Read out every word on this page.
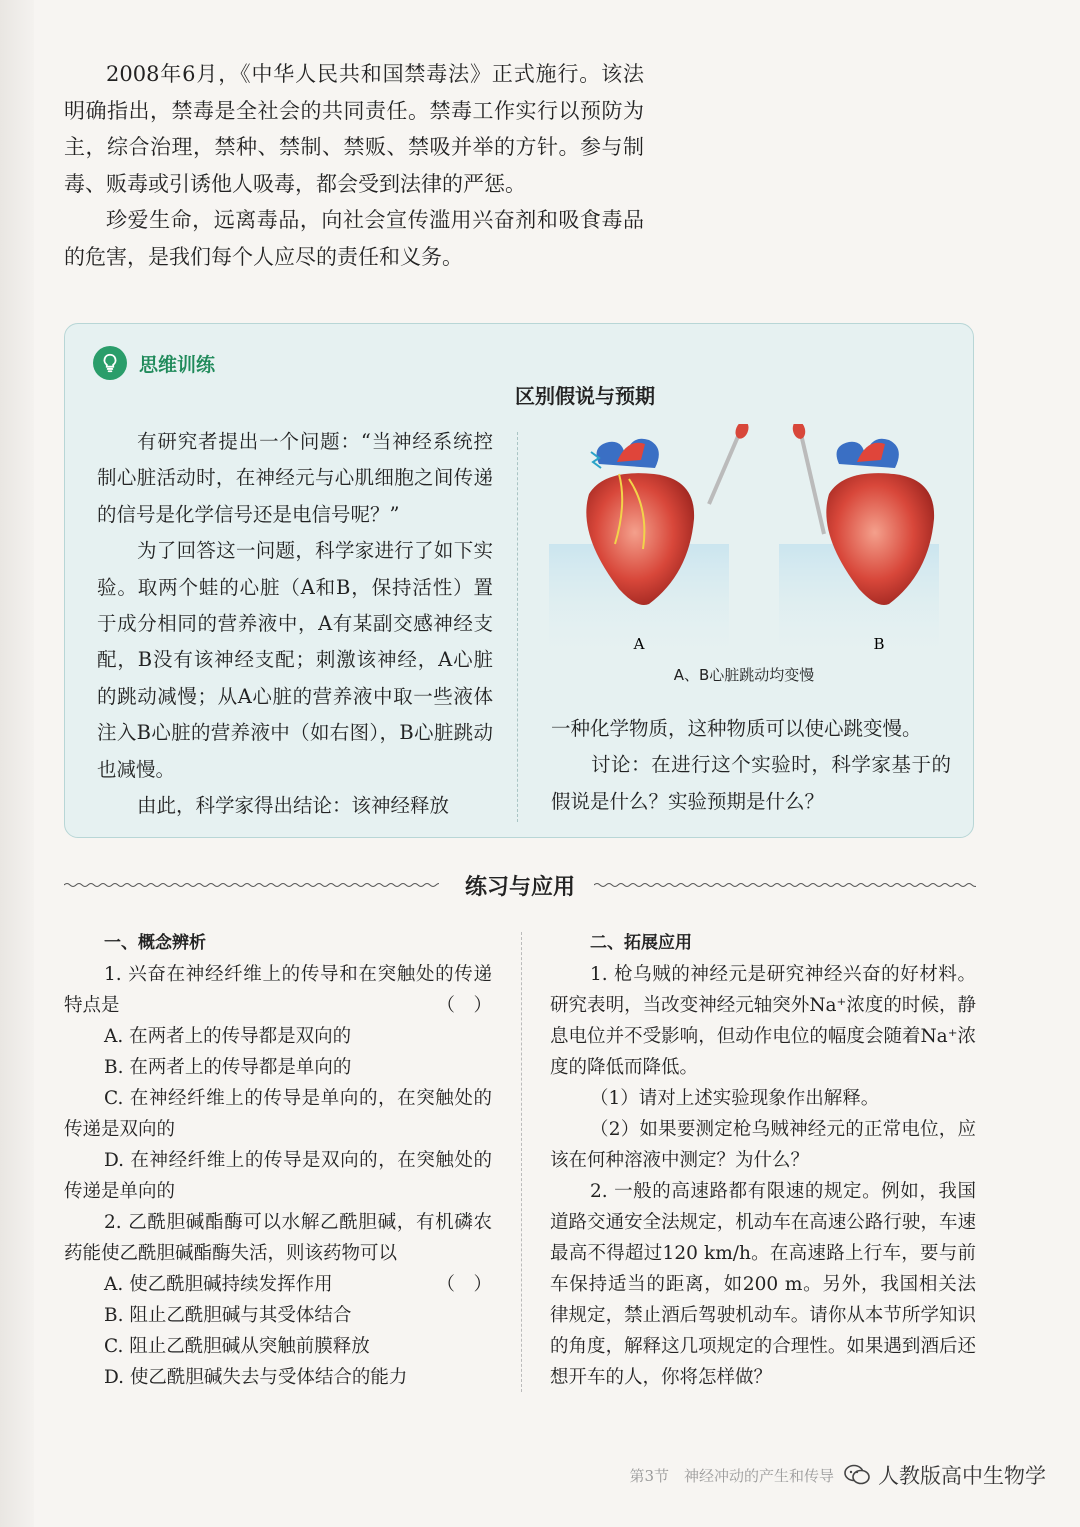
2008年6月，《中华人民共和国禁毒法》正式施行。该法明确指出，禁毒是全社会的共同责任。禁毒工作实行以预防为主，综合治理，禁种、禁制、禁贩、禁吸并举的方针。参与制毒、贩毒或引诱他人吸毒，都会受到法律的严惩。

珍爱生命，远离毒品，向社会宣传滥用兴奋剂和吸食毒品的危害，是我们每个人应尽的责任和义务。

思维训练
区别假说与预期

有研究者提出一个问题：“当神经系统控制心脏活动时，在神经元与心肌细胞之间传递的信号是化学信号还是电信号呢？”

为了回答这一问题，科学家进行了如下实验。取两个蛙的心脏（A和B，保持活性）置于成分相同的营养液中，A有某副交感神经支配，B没有该神经支配；刺激该神经，A心脏的跳动减慢；从A心脏的营养液中取一些液体注入B心脏的营养液中（如右图），B心脏跳动也减慢。

由此，科学家得出结论：该神经释放

A	B
A、B心脏跳动均变慢

一种化学物质，这种物质可以使心跳变慢。

讨论：在进行这个实验时，科学家基于的假说是什么？实验预期是什么？

练习与应用

一、概念辨析

1. 兴奋在神经纤维上的传导和在突触处的传递特点是	（　）

A. 在两者上的传导都是双向的

B. 在两者上的传导都是单向的

C. 在神经纤维上的传导是单向的，在突触处的传递是双向的

D. 在神经纤维上的传导是双向的，在突触处的传递是单向的

2. 乙酰胆碱酯酶可以水解乙酰胆碱，有机磷农药能使乙酰胆碱酯酶失活，则该药物可以
（　）

A. 使乙酰胆碱持续发挥作用

B. 阻止乙酰胆碱与其受体结合

C. 阻止乙酰胆碱从突触前膜释放

D. 使乙酰胆碱失去与受体结合的能力

二、拓展应用

1. 枪乌贼的神经元是研究神经兴奋的好材料。研究表明，当改变神经元轴突外Na⁺浓度的时候，静息电位并不受影响，但动作电位的幅度会随着Na⁺浓度的降低而降低。

（1）请对上述实验现象作出解释。

（2）如果要测定枪乌贼神经元的正常电位，应该在何种溶液中测定？为什么？

2. 一般的高速路都有限速的规定。例如，我国道路交通安全法规定，机动车在高速公路行驶，车速最高不得超过120 km/h。在高速路上行车，要与前车保持适当的距离，如200 m。另外，我国相关法律规定，禁止酒后驾驶机动车。请你从本节所学知识的角度，解释这几项规定的合理性。如果遇到酒后还想开车的人，你将怎样做？

第3节　神经冲动的产生和传导 人教版高中生物学
